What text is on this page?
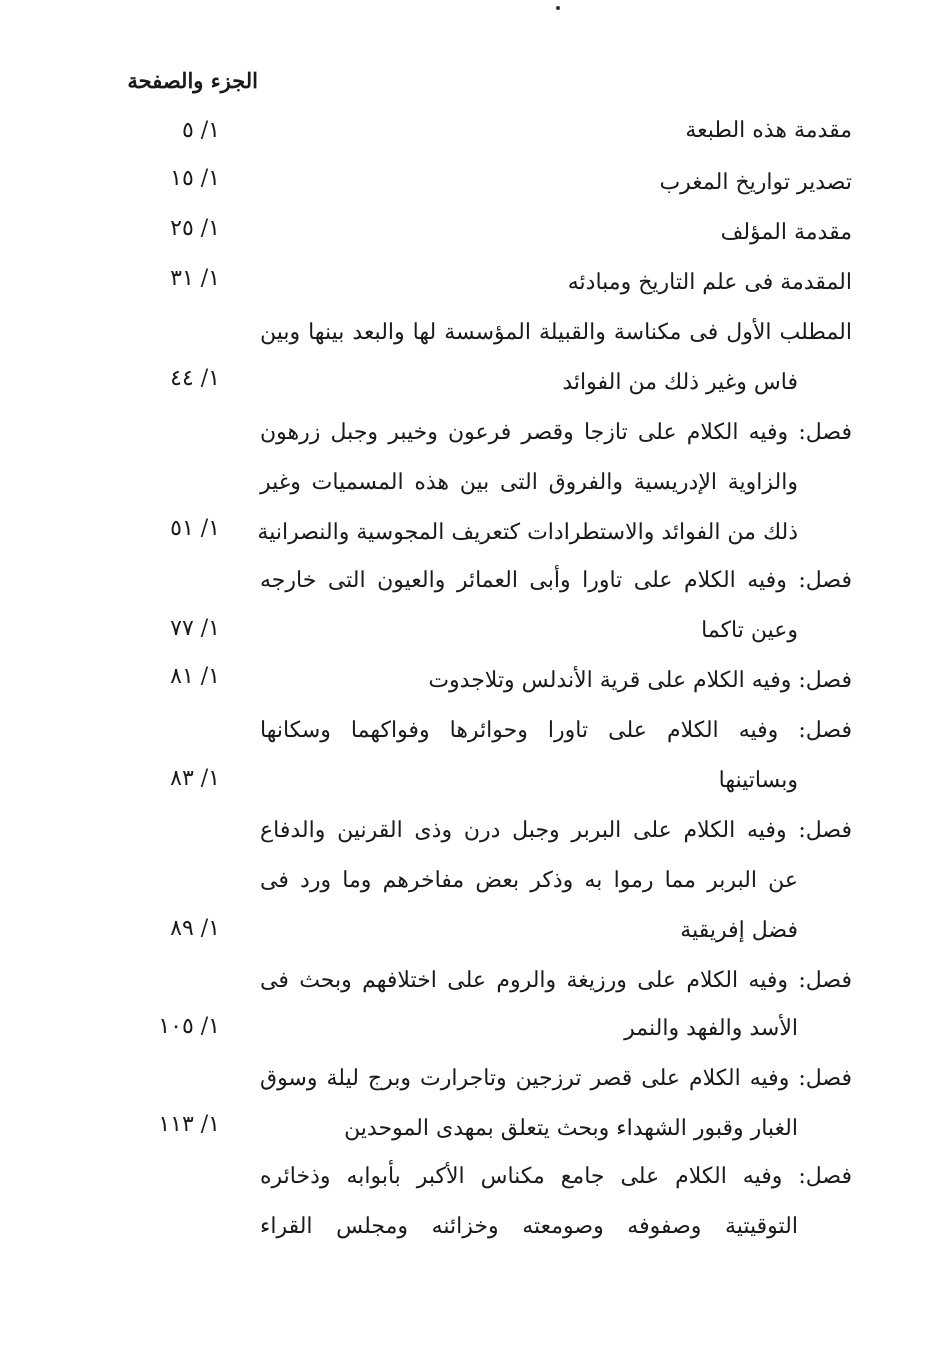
الجزء والصفحة
مقدمة هذه الطبعة
١/ ٥
تصدير تواريخ المغرب
١/ ١٥
مقدمة المؤلف
١/ ٢٥
المقدمة فى علم التاريخ ومبادئه
١/ ٣١
المطلب الأول فى مكناسة والقبيلة المؤسسة لها والبعد بينها وبين
فاس وغير ذلك من الفوائد
١/ ٤٤
فصل: وفيه الكلام على تازجا وقصر فرعون وخيبر وجبل زرهون
والزاوية الإدريسية والفروق التى بين هذه المسميات وغير
ذلك من الفوائد والاستطرادات كتعريف المجوسية والنصرانية
١/ ٥١
فصل: وفيه الكلام على تاورا وأبى العمائر والعيون التى خارجه
وعين تاكما
١/ ٧٧
فصل: وفيه الكلام على قرية الأندلس وتلاجدوت
١/ ٨١
فصل: وفيه الكلام على تاورا وحوائرها وفواكهما وسكانها
وبساتينها
١/ ٨٣
فصل: وفيه الكلام على البربر وجبل درن وذى القرنين والدفاع
عن البربر مما رموا به وذكر بعض مفاخرهم وما ورد فى
فضل إفريقية
١/ ٨٩
فصل: وفيه الكلام على ورزيغة والروم على اختلافهم وبحث فى
الأسد والفهد والنمر
١/ ١٠٥
فصل: وفيه الكلام على قصر ترزجين وتاجرارت وبرج ليلة وسوق
الغبار وقبور الشهداء وبحث يتعلق بمهدى الموحدين
١/ ١١٣
فصل: وفيه الكلام على جامع مكناس الأكبر بأبوابه وذخائره
التوقيتية وصفوفه وصومعته وخزائنه ومجلس القراء
